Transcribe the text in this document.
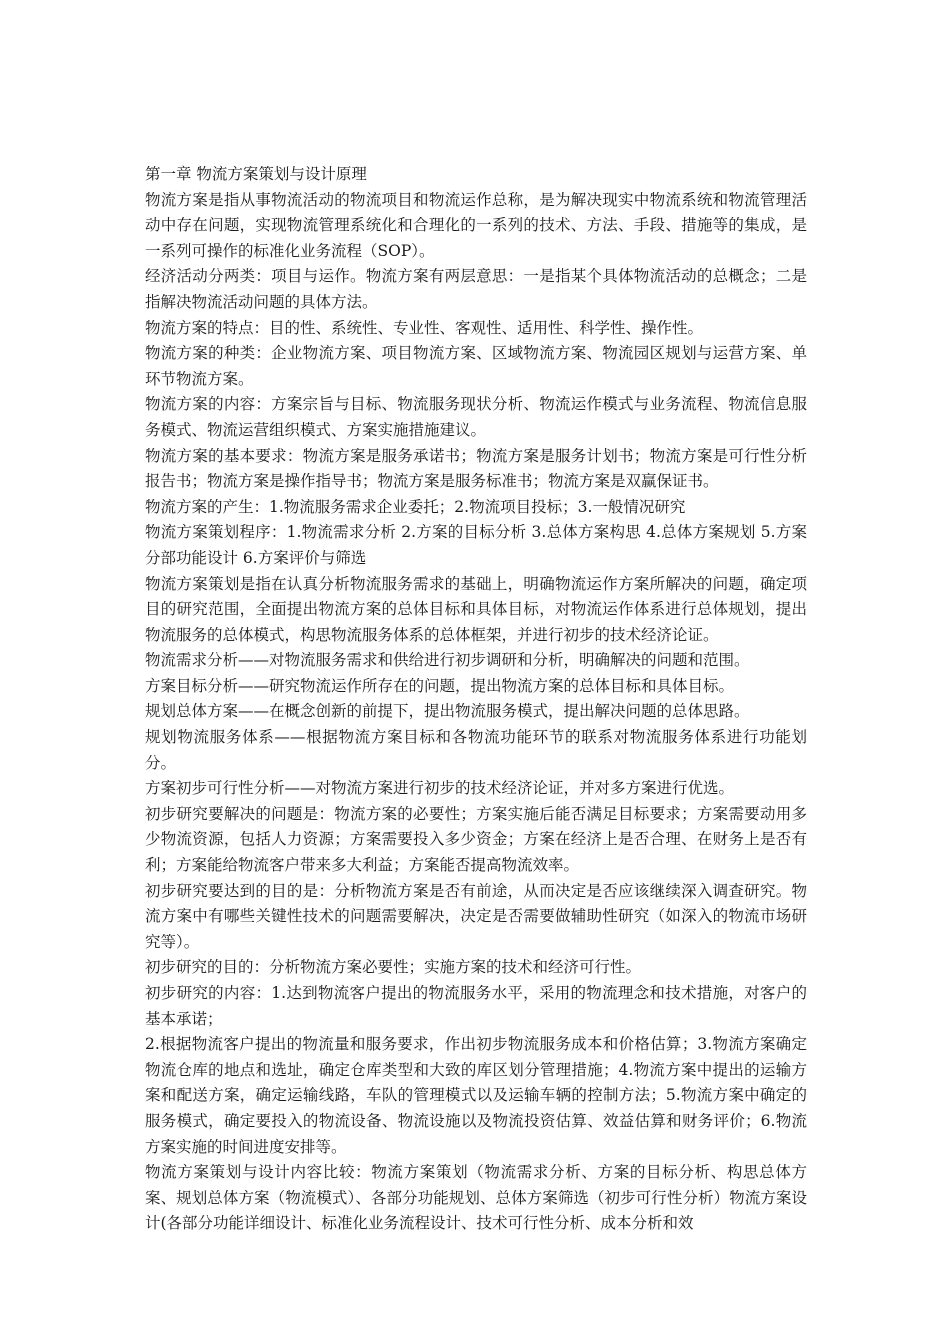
第一章 物流方案策划与设计原理

物流方案是指从事物流活动的物流项目和物流运作总称，是为解决现实中物流系统和物流管理活动中存在问题，实现物流管理系统化和合理化的一系列的技术、方法、手段、措施等的集成，是一系列可操作的标准化业务流程（SOP）。

经济活动分两类：项目与运作。物流方案有两层意思：一是指某个具体物流活动的总概念；二是指解决物流活动问题的具体方法。

物流方案的特点：目的性、系统性、专业性、客观性、适用性、科学性、操作性。

物流方案的种类：企业物流方案、项目物流方案、区域物流方案、物流园区规划与运营方案、单环节物流方案。

物流方案的内容：方案宗旨与目标、物流服务现状分析、物流运作模式与业务流程、物流信息服务模式、物流运营组织模式、方案实施措施建议。

物流方案的基本要求：物流方案是服务承诺书；物流方案是服务计划书；物流方案是可行性分析报告书；物流方案是操作指导书；物流方案是服务标准书；物流方案是双赢保证书。

物流方案的产生：1.物流服务需求企业委托；2.物流项目投标；3.一般情况研究

物流方案策划程序：1.物流需求分析 2.方案的目标分析 3.总体方案构思 4.总体方案规划 5.方案分部功能设计 6.方案评价与筛选

物流方案策划是指在认真分析物流服务需求的基础上，明确物流运作方案所解决的问题，确定项目的研究范围，全面提出物流方案的总体目标和具体目标，对物流运作体系进行总体规划，提出物流服务的总体模式，构思物流服务体系的总体框架，并进行初步的技术经济论证。

物流需求分析——对物流服务需求和供给进行初步调研和分析，明确解决的问题和范围。

方案目标分析——研究物流运作所存在的问题，提出物流方案的总体目标和具体目标。

规划总体方案——在概念创新的前提下，提出物流服务模式，提出解决问题的总体思路。

规划物流服务体系——根据物流方案目标和各物流功能环节的联系对物流服务体系进行功能划分。

方案初步可行性分析——对物流方案进行初步的技术经济论证，并对多方案进行优选。

初步研究要解决的问题是：物流方案的必要性；方案实施后能否满足目标要求；方案需要动用多少物流资源，包括人力资源；方案需要投入多少资金；方案在经济上是否合理、在财务上是否有利；方案能给物流客户带来多大利益；方案能否提高物流效率。

初步研究要达到的目的是：分析物流方案是否有前途，从而决定是否应该继续深入调查研究。物流方案中有哪些关键性技术的问题需要解决，决定是否需要做辅助性研究（如深入的物流市场研究等）。

初步研究的目的：分析物流方案必要性；实施方案的技术和经济可行性。

初步研究的内容：1.达到物流客户提出的物流服务水平，采用的物流理念和技术措施，对客户的基本承诺；

2.根据物流客户提出的物流量和服务要求，作出初步物流服务成本和价格估算；3.物流方案确定物流仓库的地点和选址，确定仓库类型和大致的库区划分管理措施；4.物流方案中提出的运输方案和配送方案，确定运输线路，车队的管理模式以及运输车辆的控制方法；5.物流方案中确定的服务模式，确定要投入的物流设备、物流设施以及物流投资估算、效益估算和财务评价；6.物流方案实施的时间进度安排等。

物流方案策划与设计内容比较：物流方案策划（物流需求分析、方案的目标分析、构思总体方案、规划总体方案（物流模式）、各部分功能规划、总体方案筛选（初步可行性分析）物流方案设计(各部分功能详细设计、标准化业务流程设计、技术可行性分析、成本分析和效
